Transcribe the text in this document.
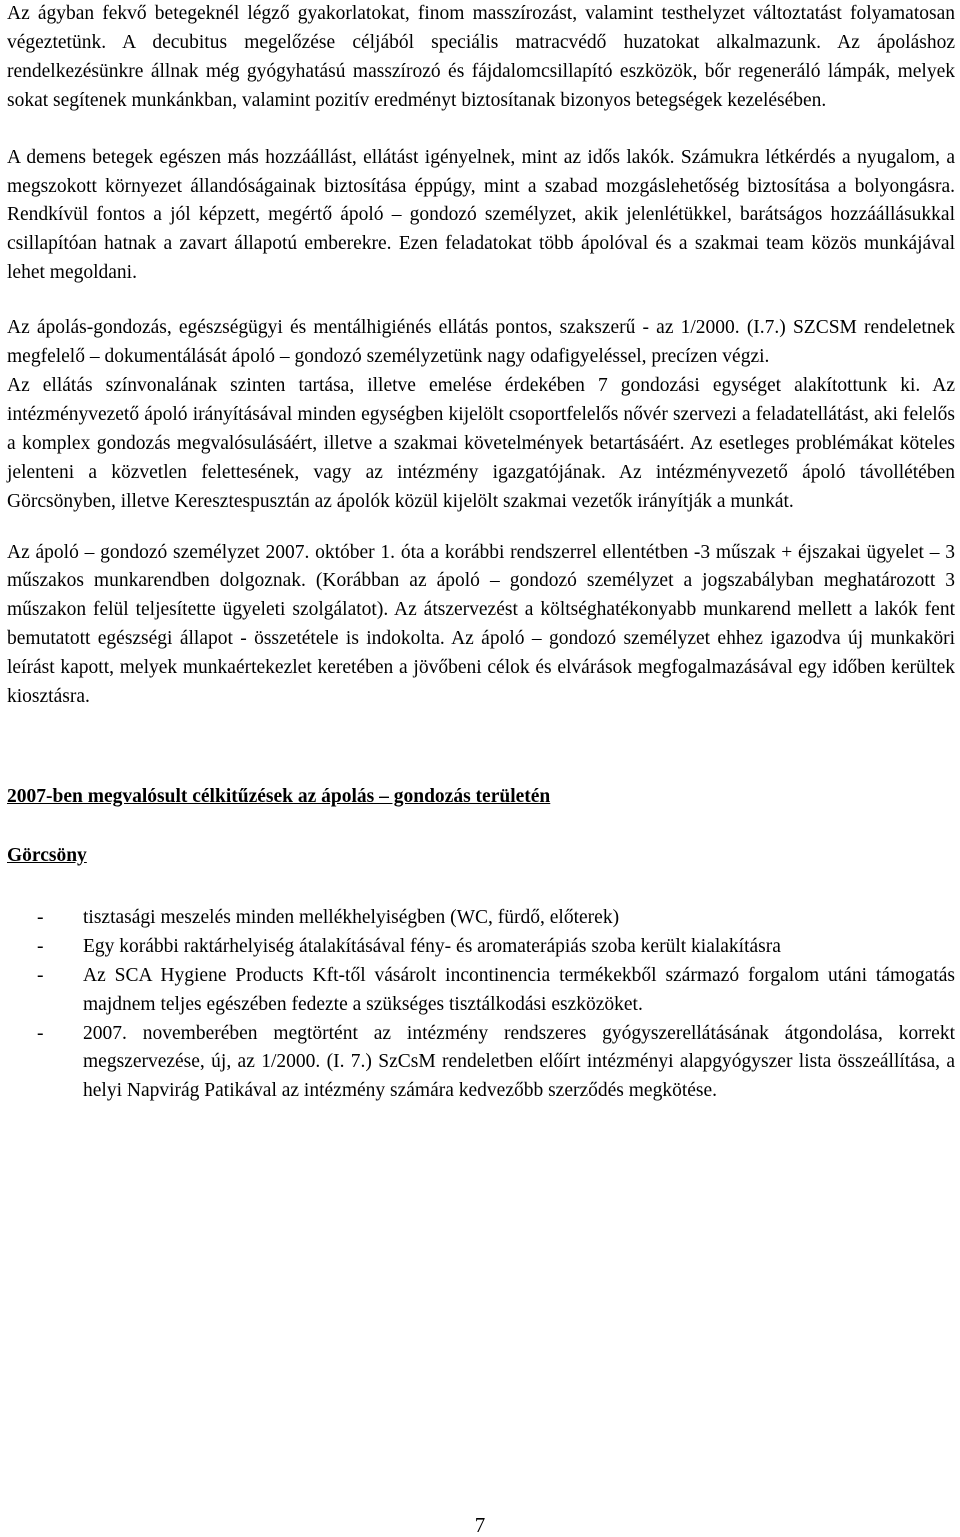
Az ágyban fekvő betegeknél légző gyakorlatokat, finom masszírozást, valamint testhelyzet változtatást folyamatosan végeztetünk. A decubitus megelőzése céljából speciális matracvédő huzatokat alkalmazunk. Az ápoláshoz rendelkezésünkre állnak még gyógyhatású masszírozó és fájdalomcsillapító eszközök, bőr regeneráló lámpák, melyek sokat segítenek munkánkban, valamint pozitív eredményt biztosítanak bizonyos betegségek kezelésében.

A demens betegek egészen más hozzáállást, ellátást igényelnek, mint az idős lakók. Számukra létkérdés a nyugalom, a megszokott környezet állandóságainak biztosítása éppúgy, mint a szabad mozgáslehetőség biztosítása a bolyongásra. Rendkívül fontos a jól képzett, megértő ápoló – gondozó személyzet, akik jelenlétükkel, barátságos hozzáállásukkal csillapítóan hatnak a zavart állapotú emberekre. Ezen feladatokat több ápolóval és a szakmai team közös munkájával lehet megoldani.

Az ápolás-gondozás, egészségügyi és mentálhigiénés ellátás pontos, szakszerű - az 1/2000. (I.7.) SZCSM rendeletnek megfelelő – dokumentálását ápoló – gondozó személyzetünk nagy odafigyeléssel, precízen végzi.

Az ellátás színvonalának szinten tartása, illetve emelése érdekében 7 gondozási egységet alakítottunk ki. Az intézményvezető ápoló irányításával minden egységben kijelölt csoportfelelős nővér szervezi a feladatellátást, aki felelős a komplex gondozás megvalósulásáért, illetve a szakmai követelmények betartásáért. Az esetleges problémákat köteles jelenteni a közvetlen felettesének, vagy az intézmény igazgatójának. Az intézményvezető ápoló távollétében Görcsönyben, illetve Keresztespusztán az ápolók közül kijelölt szakmai vezetők irányítják a munkát.

Az ápoló – gondozó személyzet 2007. október 1. óta a korábbi rendszerrel ellentétben -3 műszak + éjszakai ügyelet – 3 műszakos munkarendben dolgoznak. (Korábban az ápoló – gondozó személyzet a jogszabályban meghatározott 3 műszakon felül teljesítette ügyeleti szolgálatot). Az átszervezést a költséghatékonyabb munkarend mellett a lakók fent bemutatott egészségi állapot - összetétele is indokolta. Az ápoló – gondozó személyzet ehhez igazodva új munkaköri leírást kapott, melyek munkaértekezlet keretében a jövőbeni célok és elvárások megfogalmazásával egy időben kerültek kiosztásra.

2007-ben megvalósult célkitűzések az ápolás – gondozás területén
Görcsöny
- tisztasági meszelés minden mellékhelyiségben (WC, fürdő, előterek)
- Egy korábbi raktárhelyiség átalakításával fény- és aromaterápiás szoba került kialakításra
- Az SCA Hygiene Products Kft-től vásárolt incontinencia termékekből származó forgalom utáni támogatás majdnem teljes egészében fedezte a szükséges tisztálkodási eszközöket.
- 2007. novemberében megtörtént az intézmény rendszeres gyógyszerellátásának átgondolása, korrekt megszervezése, új, az 1/2000. (I. 7.) SzCsM rendeletben előírt intézményi alapgyógyszer lista összeállítása, a helyi Napvirág Patikával az intézmény számára kedvezőbb szerződés megkötése.
7
